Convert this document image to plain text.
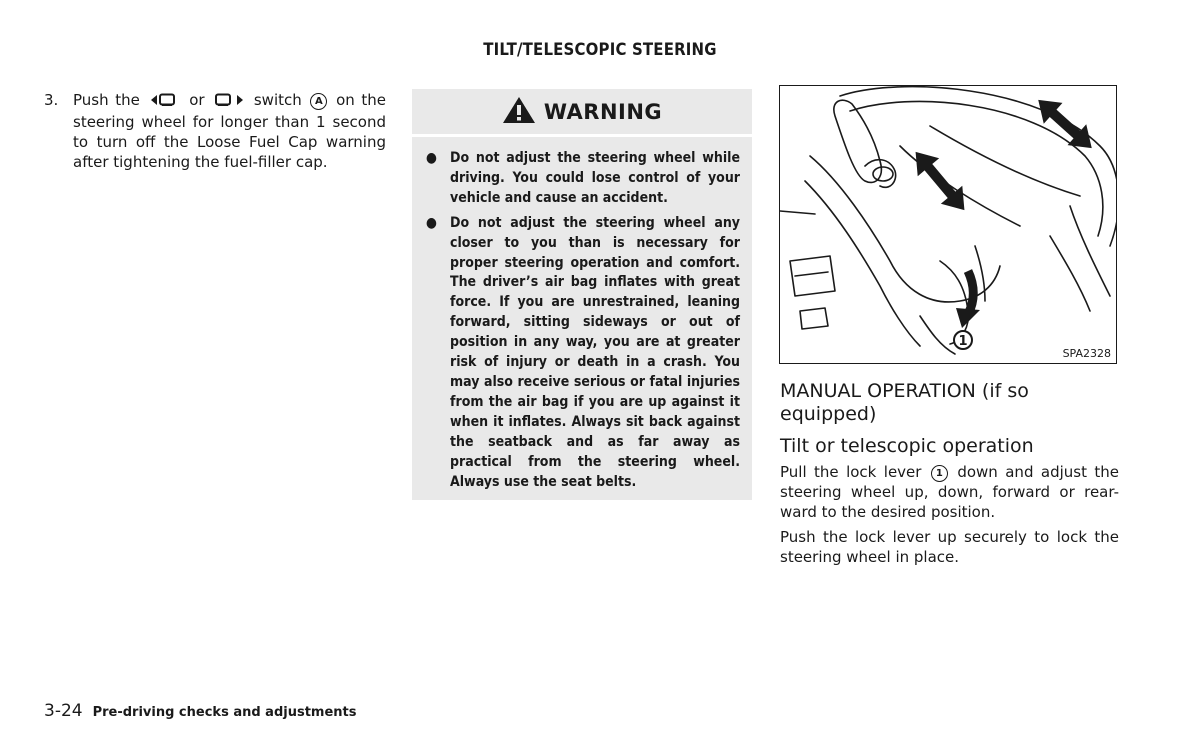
TILT/TELESCOPIC STEERING
3. Push the	or	switch A on the steering wheel for longer than 1 second to turn off the Loose Fuel Cap warning after tightening the fuel-filler cap.
WARNING
● Do not adjust the steering wheel while driving. You could lose control of your vehicle and cause an accident.
● Do not adjust the steering wheel any closer to you than is necessary for proper steering operation and comfort. The driver’s air bag inflates with great force. If you are unrestrained, leaning forward, sitting sideways or out of position in any way, you are at greater risk of injury or death in a crash. You may also receive serious or fatal injuries from the air bag if you are up against it when it inflates. Always sit back against the seatback and as far away as practical from the steering wheel. Always use the seat belts.
1
SPA2328
MANUAL OPERATION (if so equipped)
Tilt or telescopic operation
Pull the lock lever 1 down and adjust the steering wheel up, down, forward or rear-ward to the desired position.
Push the lock lever up securely to lock the steering wheel in place.
3-24 Pre-driving checks and adjustments
